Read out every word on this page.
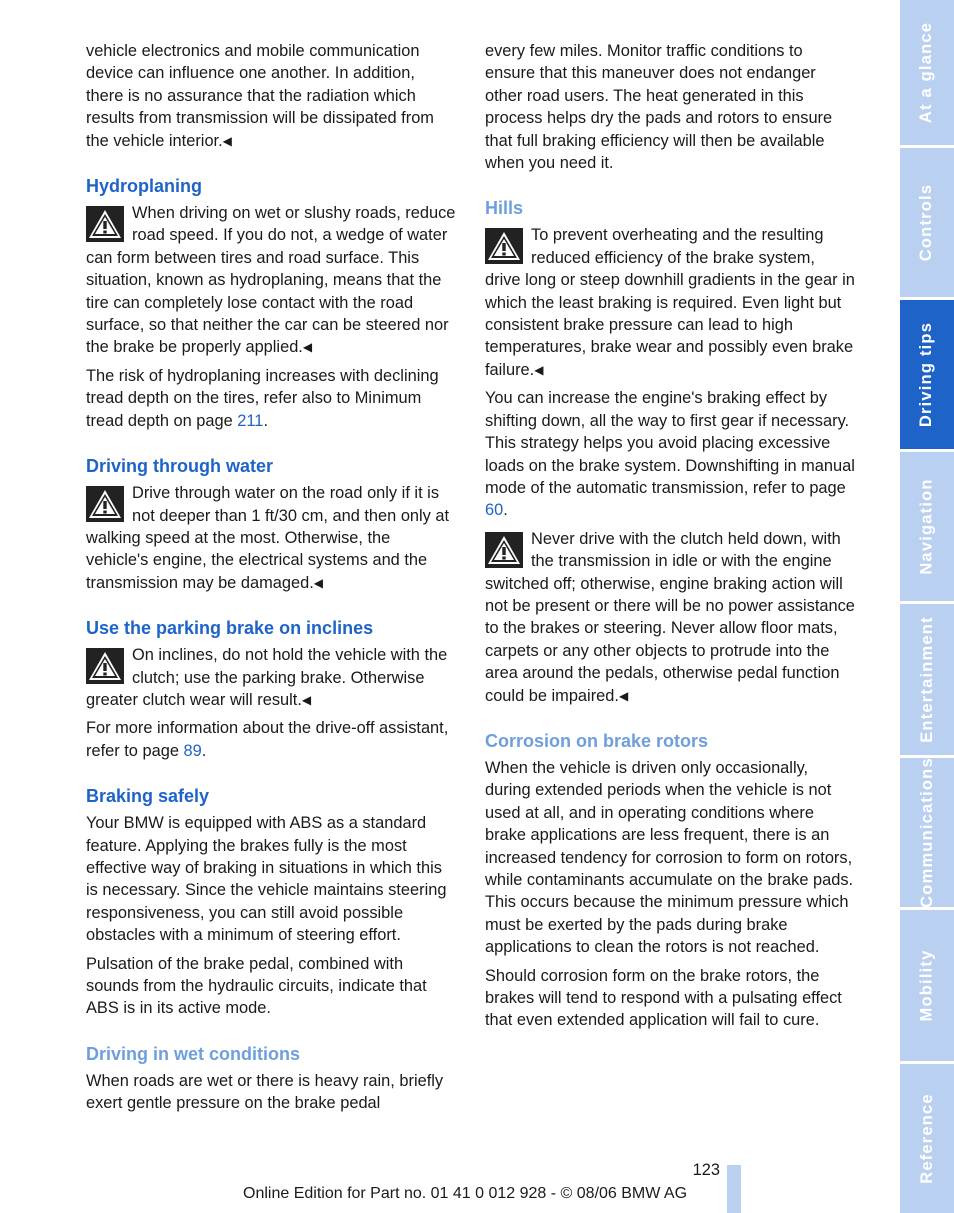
vehicle electronics and mobile communication device can influence one another. In addition, there is no assurance that the radiation which results from transmission will be dissipated from the vehicle interior.◀
Hydroplaning
When driving on wet or slushy roads, reduce road speed. If you do not, a wedge of water can form between tires and road surface. This situation, known as hydroplaning, means that the tire can completely lose contact with the road surface, so that neither the car can be steered nor the brake be properly applied.◀
The risk of hydroplaning increases with declining tread depth on the tires, refer also to Minimum tread depth on page 211.
Driving through water
Drive through water on the road only if it is not deeper than 1 ft/30 cm, and then only at walking speed at the most. Otherwise, the vehicle's engine, the electrical systems and the transmission may be damaged.◀
Use the parking brake on inclines
On inclines, do not hold the vehicle with the clutch; use the parking brake. Otherwise greater clutch wear will result.◀
For more information about the drive-off assistant, refer to page 89.
Braking safely
Your BMW is equipped with ABS as a standard feature. Applying the brakes fully is the most effective way of braking in situations in which this is necessary. Since the vehicle maintains steering responsiveness, you can still avoid possible obstacles with a minimum of steering effort.
Pulsation of the brake pedal, combined with sounds from the hydraulic circuits, indicate that ABS is in its active mode.
Driving in wet conditions
When roads are wet or there is heavy rain, briefly exert gentle pressure on the brake pedal
every few miles. Monitor traffic conditions to ensure that this maneuver does not endanger other road users. The heat generated in this process helps dry the pads and rotors to ensure that full braking efficiency will then be available when you need it.
Hills
To prevent overheating and the resulting reduced efficiency of the brake system, drive long or steep downhill gradients in the gear in which the least braking is required. Even light but consistent brake pressure can lead to high temperatures, brake wear and possibly even brake failure.◀
You can increase the engine's braking effect by shifting down, all the way to first gear if necessary. This strategy helps you avoid placing excessive loads on the brake system. Downshifting in manual mode of the automatic transmission, refer to page 60.
Never drive with the clutch held down, with the transmission in idle or with the engine switched off; otherwise, engine braking action will not be present or there will be no power assistance to the brakes or steering. Never allow floor mats, carpets or any other objects to protrude into the area around the pedals, otherwise pedal function could be impaired.◀
Corrosion on brake rotors
When the vehicle is driven only occasionally, during extended periods when the vehicle is not used at all, and in operating conditions where brake applications are less frequent, there is an increased tendency for corrosion to form on rotors, while contaminants accumulate on the brake pads. This occurs because the minimum pressure which must be exerted by the pads during brake applications to clean the rotors is not reached.
Should corrosion form on the brake rotors, the brakes will tend to respond with a pulsating effect that even extended application will fail to cure.
At a glance
Controls
Driving tips
Navigation
Entertainment
Communications
Mobility
Reference
123
Online Edition for Part no. 01 41 0 012 928 - © 08/06 BMW AG
